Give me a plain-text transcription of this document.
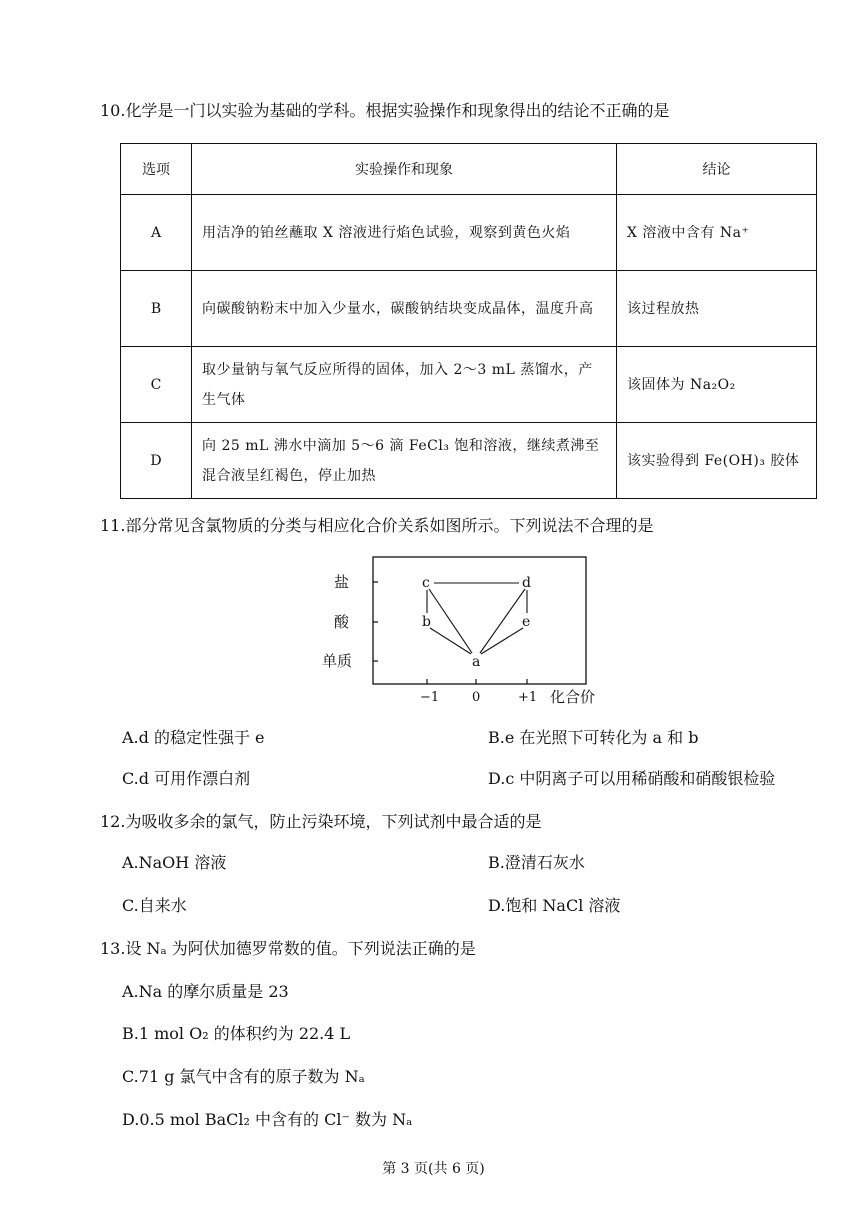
10.化学是一门以实验为基础的学科。根据实验操作和现象得出的结论不正确的是
选项	实验操作和现象	结论
A	用洁净的铂丝蘸取 X 溶液进行焰色试验，观察到黄色火焰	X 溶液中含有 Na⁺
B	向碳酸钠粉末中加入少量水，碳酸钠结块变成晶体，温度升高	该过程放热
C	取少量钠与氧气反应所得的固体，加入 2～3 mL 蒸馏水，产生气体	该固体为 Na₂O₂
D	向 25 mL 沸水中滴加 5～6 滴 FeCl₃ 饱和溶液，继续煮沸至混合液呈红褐色，停止加热	该实验得到 Fe(OH)₃ 胶体
11.部分常见含氯物质的分类与相应化合价关系如图所示。下列说法不合理的是
盐
酸
单质
−1	0	+1 化合价
c	d
b	e
a
A.d 的稳定性强于 e	B.e 在光照下可转化为 a 和 b
C.d 可用作漂白剂	D.c 中阴离子可以用稀硝酸和硝酸银检验
12.为吸收多余的氯气，防止污染环境，下列试剂中最合适的是
A.NaOH 溶液	B.澄清石灰水
C.自来水	D.饱和 NaCl 溶液
13.设 Nₐ 为阿伏加德罗常数的值。下列说法正确的是
A.Na 的摩尔质量是 23
B.1 mol O₂ 的体积约为 22.4 L
C.71 g 氯气中含有的原子数为 Nₐ
D.0.5 mol BaCl₂ 中含有的 Cl⁻ 数为 Nₐ
第 3 页(共 6 页)
